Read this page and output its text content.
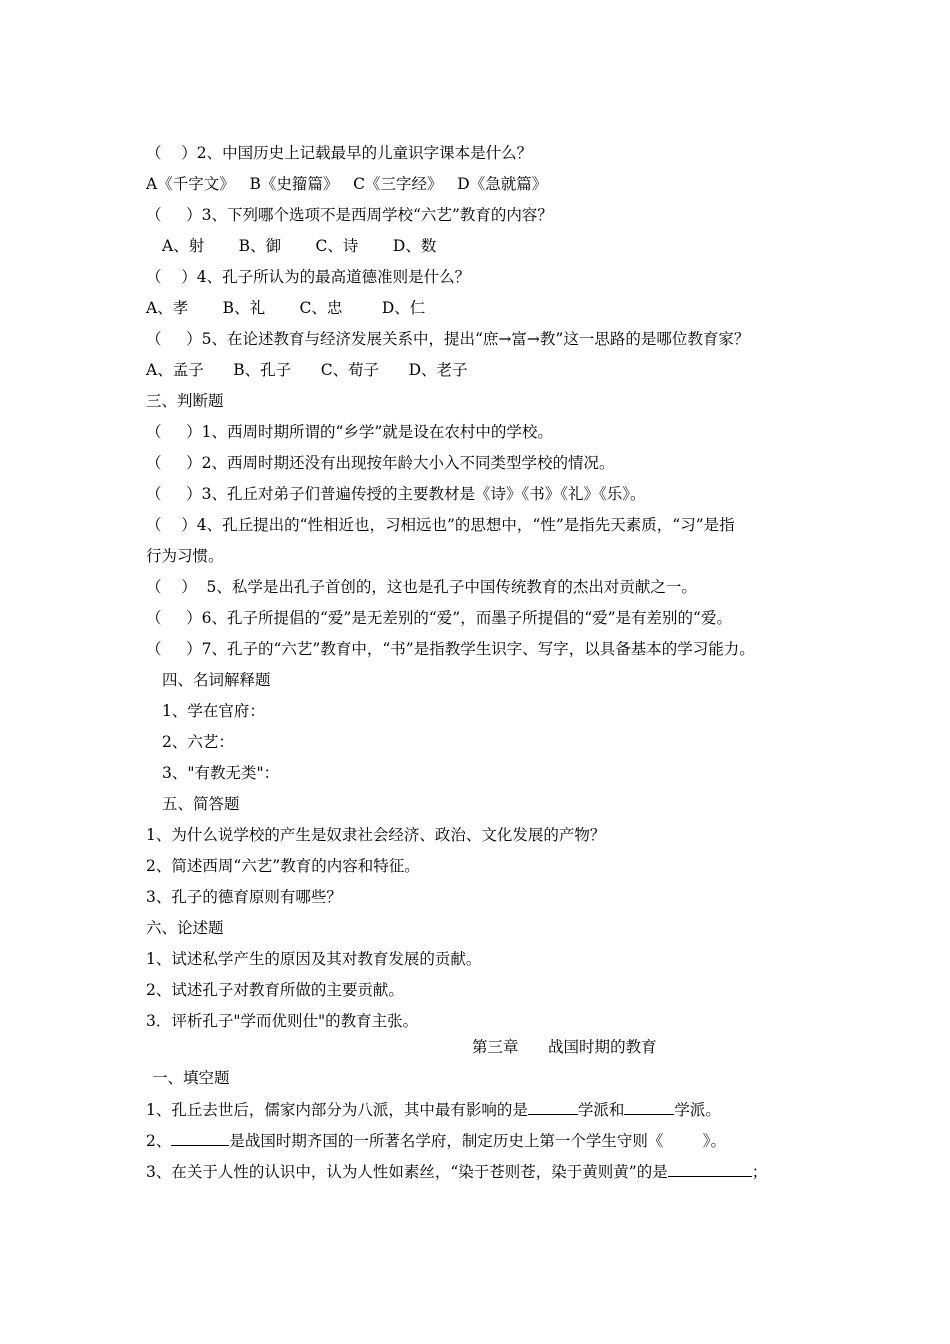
（    ）2、中国历史上记载最早的儿童识字课本是什么？
A《千字文》   B《史籀篇》   C《三字经》   D《急就篇》
（     ）3、下列哪个选项不是西周学校“六艺”教育的内容？
A、射       B、御       C、诗       D、数
（    ）4、孔子所认为的最高道德准则是什么？
A、孝       B、礼       C、忠        D、仁
（     ）5、在论述教育与经济发展关系中，提出“庶→富→教”这一思路的是哪位教育家？
A、孟子      B、孔子      C、荀子      D、老子
三、判断题
（     ）1、西周时期所谓的“乡学”就是设在农村中的学校。
（     ）2、西周时期还没有出现按年龄大小入不同类型学校的情况。
（     ）3、孔丘对弟子们普遍传授的主要教材是《诗》《书》《礼》《乐》。
（    ）4、孔丘提出的“性相近也，习相远也”的思想中，“性”是指先天素质，“习”是指
行为习惯。
（    ）  5、私学是出孔子首创的，这也是孔子中国传统教育的杰出对贡献之一。
（     ）6、孔子所提倡的“爱”是无差别的“爱”，而墨子所提倡的“爱”是有差别的“爱。
（     ）7、孔子的“六艺”教育中，“书”是指教学生识字、写字，以具备基本的学习能力。
四、名词解释题
1、学在官府：
2、六艺：
3、"有教无类"：
五、简答题
1、为什么说学校的产生是奴隶社会经济、政治、文化发展的产物？
2、简述西周“六艺”教育的内容和特征。
3、孔子的德育原则有哪些？
六、论述题
1、试述私学产生的原因及其对教育发展的贡献。
2、试述孔子对教育所做的主要贡献。
3．评析孔子"学而优则仕"的教育主张。
第三章      战国时期的教育
一、填空题
1、孔丘去世后，儒家内部分为八派，其中最有影响的是	学派和	学派。
2、	是战国时期齐国的一所著名学府，制定历史上第一个学生守则《        》。
3、在关于人性的认识中，认为人性如素丝，“染于苍则苍，染于黄则黄”的是	；
